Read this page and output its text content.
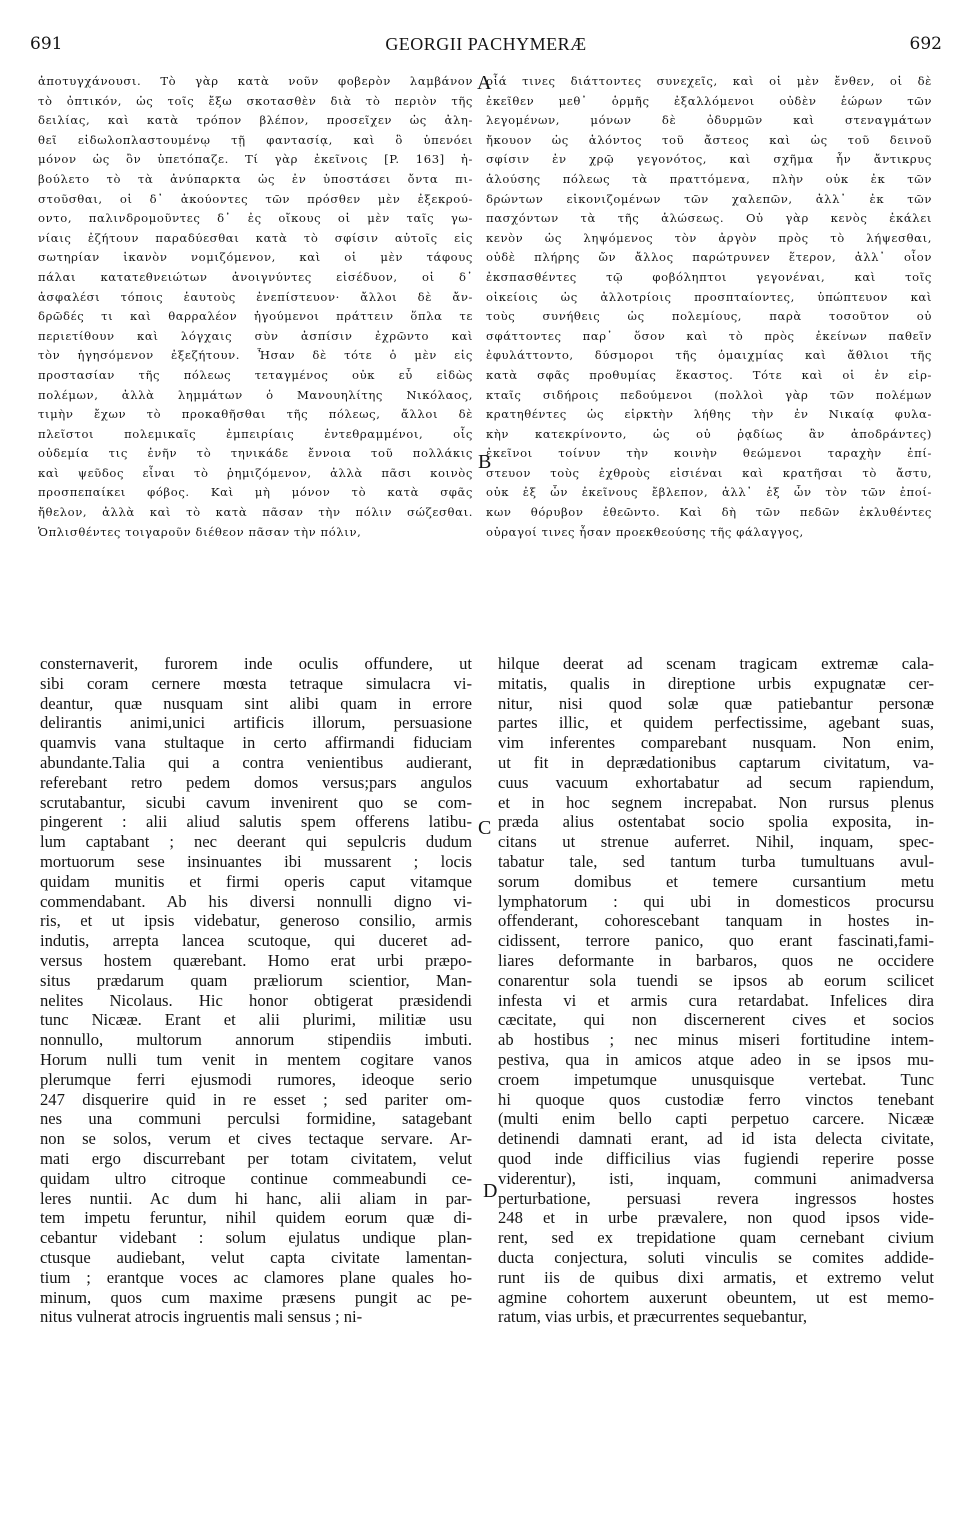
691	GEORGII PACHYMERÆ	692
ἀποτυγχάνουσι. Τὸ γὰρ κατὰ νοῦν φοβερὸν λαμβάνον
τὸ ὀπτικόν, ὡς τοῖς ἔξω σκοτασθὲν διὰ τὸ περιὸν τῆς
δειλίας, καὶ κατὰ τρόπον βλέπον, προσεῖχεν ὡς ἀλη-
θεῖ εἰδωλοπλαστουμένῳ τῇ φαντασίᾳ, καὶ ὃ ὑπενόει
μόνον ὡς ὂν ὑπετόπαζε. Τί γὰρ ἐκεῖνοις [P. 163] ἠ-
βούλετο τὸ τὰ ἀνύπαρκτα ὡς ἐν ὑποστάσει ὄντα πι-
στοῦσθαι, οἱ δ᾽ ἀκούοντες τῶν πρόσθεν μὲν ἐξεκρού-
οντο, παλινδρομοῦντες δ᾽ ἐς οἴκους οἱ μὲν ταῖς γω-
νίαις ἐζήτουν παραδύεσθαι κατὰ τὸ σφίσιν αὐτοῖς εἰς
σωτηρίαν ἱκανὸν νομιζόμενον, καὶ οἱ μὲν τάφους
πάλαι κατατεθνειώτων ἀνοιγνύντες εἰσέδυον, οἱ δ᾽
ἀσφαλέσι τόποις ἑαυτοὺς ἐνεπίστευον· ἄλλοι δὲ ἄν-
δρῶδές τι καὶ θαρραλέον ἡγούμενοι πράττειν ὅπλα τε
περιετίθουν καὶ λόγχαις σὺν ἀσπίσιν ἐχρῶντο καὶ
τὸν ἡγησόμενον ἐξεζήτουν. Ἦσαν δὲ τότε ὁ μὲν εἰς
προστασίαν τῆς πόλεως τεταγμένος οὐκ εὖ εἰδὼς
πολέμων, ἀλλὰ λημμάτων ὁ Μανουηλίτης Νικόλαος,
τιμὴν ἔχων τὸ προκαθῆσθαι τῆς πόλεως, ἄλλοι δὲ
πλεῖστοι πολεμικαῖς ἐμπειρίαις ἐντεθραμμένοι, οἷς
οὐδεμία τις ἐνῆν τὸ τηνικάδε ἔννοια τοῦ πολλάκις
καὶ ψεῦδος εἶναι τὸ ῥημιζόμενον, ἀλλὰ πᾶσι κοινὸς
προσπεπαίκει φόβος. Καὶ μὴ μόνον τὸ κατὰ σφᾶς
ἤθελον, ἀλλὰ καὶ τὸ κατὰ πᾶσαν τὴν πόλιν σώζεσθαι.
Ὁπλισθέντες τοιγαροῦν διέθεον πᾶσαν τὴν πόλιν,
οἷά τινες διάττοντες συνεχεῖς, καὶ οἱ μὲν ἔνθεν, οἱ δὲ
ἐκεῖθεν μεθ᾽ ὁρμῆς ἐξαλλόμενοι οὐδὲν ἑώρων τῶν
λεγομένων, μόνων δὲ ὀδυρμῶν καὶ στεναγμάτων
ἤκουον ὡς ἁλόντος τοῦ ἄστεος καὶ ὡς τοῦ δεινοῦ
σφίσιν ἐν χρῷ γεγονότος, καὶ σχῆμα ἦν ἄντικρυς
ἁλούσης πόλεως τὰ πραττόμενα, πλὴν οὐκ ἐκ τῶν
δρώντων εἰκονιζομένων τῶν χαλεπῶν, ἀλλ᾽ ἐκ τῶν
πασχόντων τὰ τῆς ἁλώσεως. Οὐ γὰρ κενὸς ἐκάλει
κενὸν ὡς ληψόμενος τὸν ἀργὸν πρὸς τὸ λήψεσθαι,
οὐδὲ πλήρης ὤν ἄλλος παρώτρυνεν ἕτερον, ἀλλ᾽ οἷον
ἐκσπασθέντες τῷ φοβόληπτοι γεγονέναι, καὶ τοῖς
οἰκείοις ὡς ἀλλοτρίοις προσπταίοντες, ὑπώπτευον καὶ
τοὺς συνήθεις ὡς πολεμίους, παρὰ τοσοῦτον οὐ
σφάττοντες παρ᾽ ὅσον καὶ τὸ πρὸς ἐκείνων παθεῖν
ἐφυλάττοντο, δύσμοροι τῆς ὁμαιχμίας καὶ ἄθλιοι τῆς
κατὰ σφᾶς προθυμίας ἕκαστος. Τότε καὶ οἱ ἐν εἱρ-
κταῖς σιδήροις πεδούμενοι (πολλοὶ γὰρ τῶν πολέμων
κρατηθέντες ὡς εἱρκτὴν λήθης τὴν ἐν Νικαίᾳ φυλα-
κὴν κατεκρίνοντο, ὡς οὐ ῥᾳδίως ἂν ἀποδράντες)
ἐκεῖνοι τοίνυν τὴν κοινὴν θεώμενοι ταραχὴν ἐπί-
στευον τοὺς ἐχθροὺς εἰσιέναι καὶ κρατῆσαι τὸ ἄστυ,
οὐκ ἐξ ὧν ἐκεῖνους ἔβλεπον, ἀλλ᾽ ἐξ ὧν τὸν τῶν ἐποί-
κων θόρυβον ἐθεῶντο. Καὶ δὴ τῶν πεδῶν ἐκλυθέντες
οὐραγοί τινες ἦσαν προεκθεούσης τῆς φάλαγγος,
consternaverit, furorem inde oculis offundere, ut
sibi coram cernere mœsta tetraque simulacra vi-
deantur, quæ nusquam sint alibi quam in errore
delirantis animi,unici artificis illorum, persuasione
quamvis vana stultaque in certo affirmandi fiduciam
abundante.Talia qui a contra venientibus audierant,
referebant retro pedem domos versus;pars angulos
scrutabantur, sicubi cavum invenirent quo se com-
pingerent : alii aliud salutis spem offerens latibu-
lum captabant ; nec deerant qui sepulcris dudum
mortuorum sese insinuantes ibi mussarent ; locis
quidam munitis et firmi operis caput vitamque
commendabant. Ab his diversi nonnulli digno vi-
ris, et ut ipsis videbatur, generoso consilio, armis
indutis, arrepta lancea scutoque, qui duceret ad-
versus hostem quærebant. Homo erat urbi præpo-
situs prædarum quam præliorum scientior, Man-
nelites Nicolaus. Hic honor obtigerat præsidendi
tunc Nicææ. Erant et alii plurimi, militiæ usu
nonnullo, multorum annorum stipendiis imbuti.
Horum nulli tum venit in mentem cogitare vanos
plerumque ferri ejusmodi rumores, ideoque serio
247 disquerire quid in re esset ; sed pariter om-
nes una communi perculsi formidine, satagebant
non se solos, verum et cives tectaque servare. Ar-
mati ergo discurrebant per totam civitatem, velut
quidam ultro citroque continue commeabundi ce-
leres nuntii. Ac dum hi hanc, alii aliam in par-
tem impetu feruntur, nihil quidem eorum quæ di-
cebantur videbant : solum ejulatus undique plan-
ctusque audiebant, velut capta civitate lamentan-
tium ; erantque voces ac clamores plane quales ho-
minum, quos cum maxime præsens pungit ac pe-
nitus vulnerat atrocis ingruentis mali sensus ; ni-
hilque deerat ad scenam tragicam extremæ cala-
mitatis, qualis in direptione urbis expugnatæ cer-
nitur, nisi quod solæ quæ patiebantur personæ
partes illic, et quidem perfectissime, agebant suas,
vim inferentes comparebant nusquam. Non enim,
ut fit in deprædationibus captarum civitatum, va-
cuus vacuum exhortabatur ad secum rapiendum,
et in hoc segnem increpabat. Non rursus plenus
præda alius ostentabat socio spolia exposita, in-
citans ut strenue auferret. Nihil, inquam, spec-
tabatur tale, sed tantum turba tumultuans avul-
sorum domibus et temere cursantium metu
lymphatorum : qui ubi in domesticos procursu
offenderant, cohorescebant tanquam in hostes in-
cidissent, terrore panico, quo erant fascinati,fami-
liares deformante in barbaros, quos ne occidere
conarentur sola tuendi se ipsos ab eorum scilicet
infesta vi et armis cura retardabat. Infelices dira
cæcitate, qui non discernerent cives et socios
ab hostibus ; nec minus miseri fortitudine intem-
pestiva, qua in amicos atque adeo in se ipsos mu-
croem impetumque unusquisque vertebat. Tunc
hi quoque quos custodiæ ferro vinctos tenebant
(multi enim bello capti perpetuo carcere. Nicææ
detinendi damnati erant, ad id ista delecta civitate,
quod inde difficilius vias fugiendi reperire posse
viderentur), isti, inquam, communi animadversa
perturbatione, persuasi revera ingressos hostes
248 et in urbe prævalere, non quod ipsos vide-
rent, sed ex trepidatione quam cernebant civium
ducta conjectura, soluti vinculis se comites addide-
runt iis de quibus dixi armatis, et extremo velut
agmine cohortem auxerunt obeuntem, ut est memo-
ratum, vias urbis, et præcurrentes sequebantur,
A
B
C
D
